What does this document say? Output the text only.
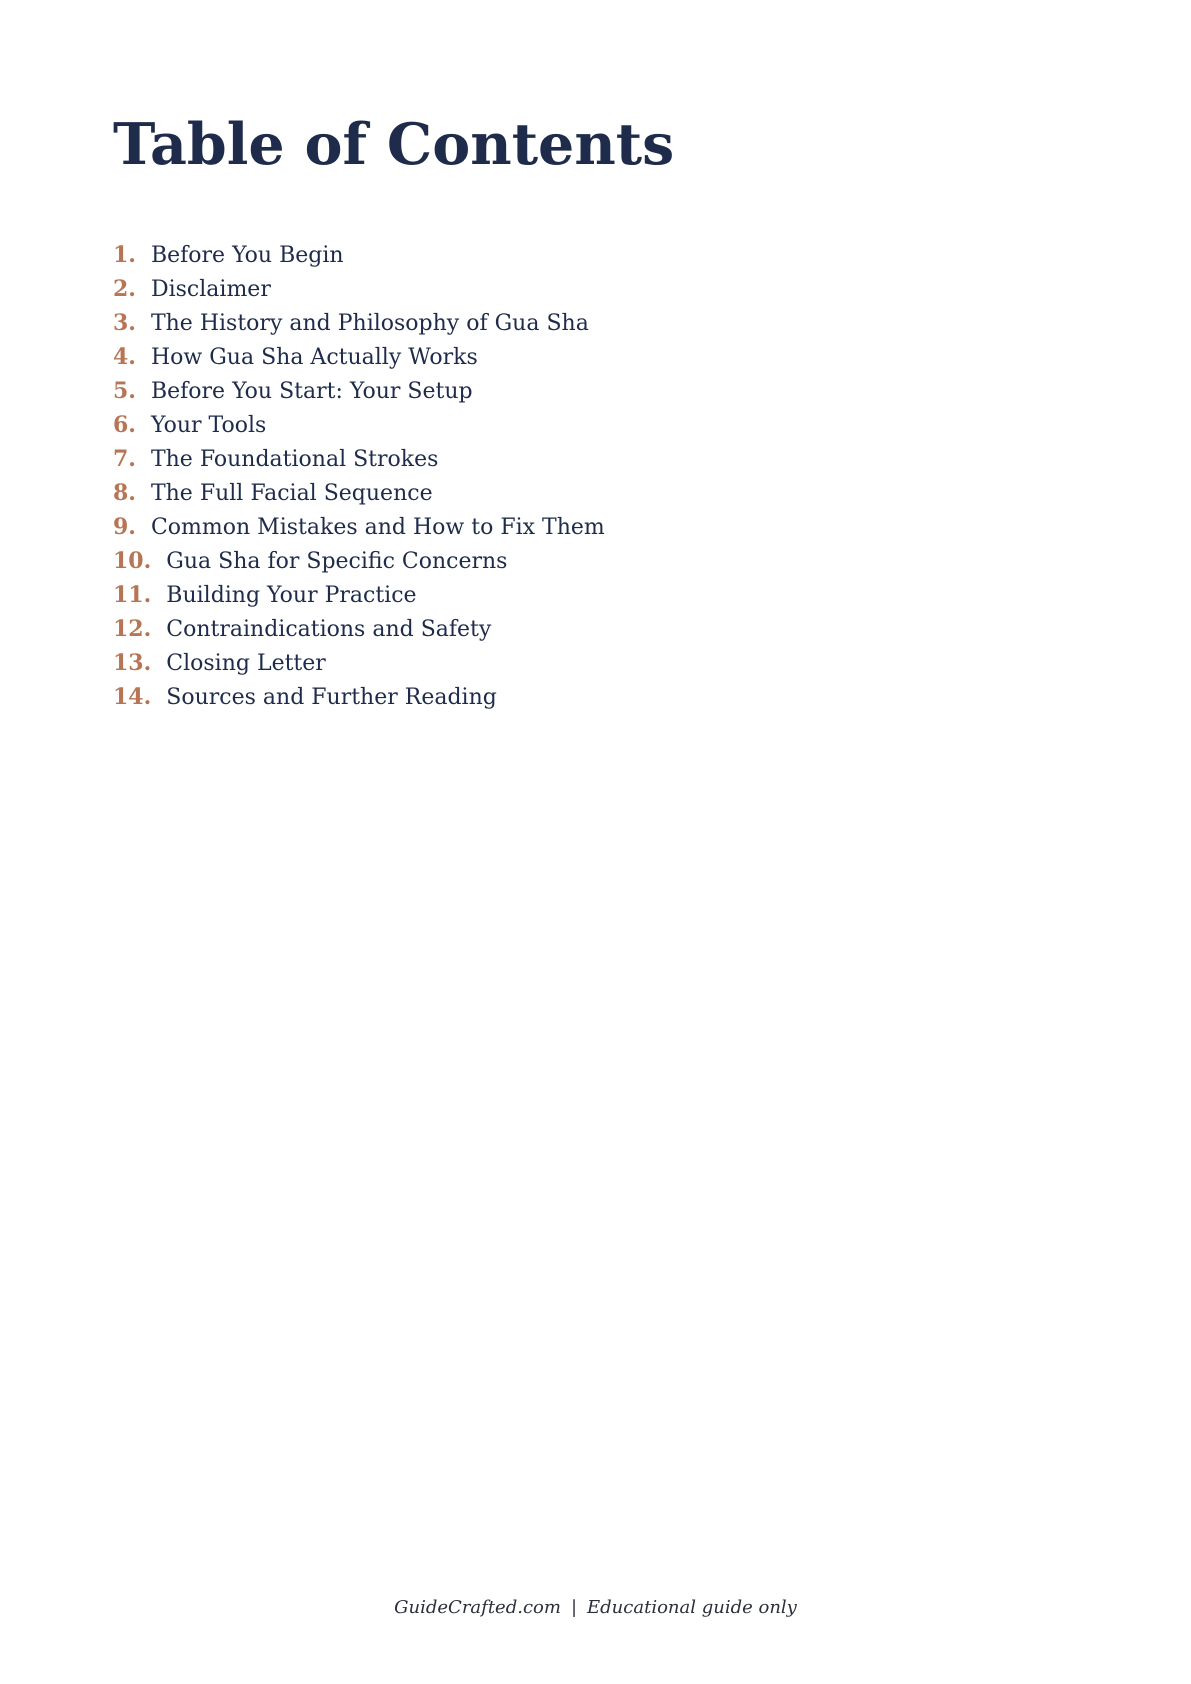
Table of Contents
1. Before You Begin
2. Disclaimer
3. The History and Philosophy of Gua Sha
4. How Gua Sha Actually Works
5. Before You Start: Your Setup
6. Your Tools
7. The Foundational Strokes
8. The Full Facial Sequence
9. Common Mistakes and How to Fix Them
10. Gua Sha for Specific Concerns
11. Building Your Practice
12. Contraindications and Safety
13. Closing Letter
14. Sources and Further Reading
GuideCrafted.com | Educational guide only
